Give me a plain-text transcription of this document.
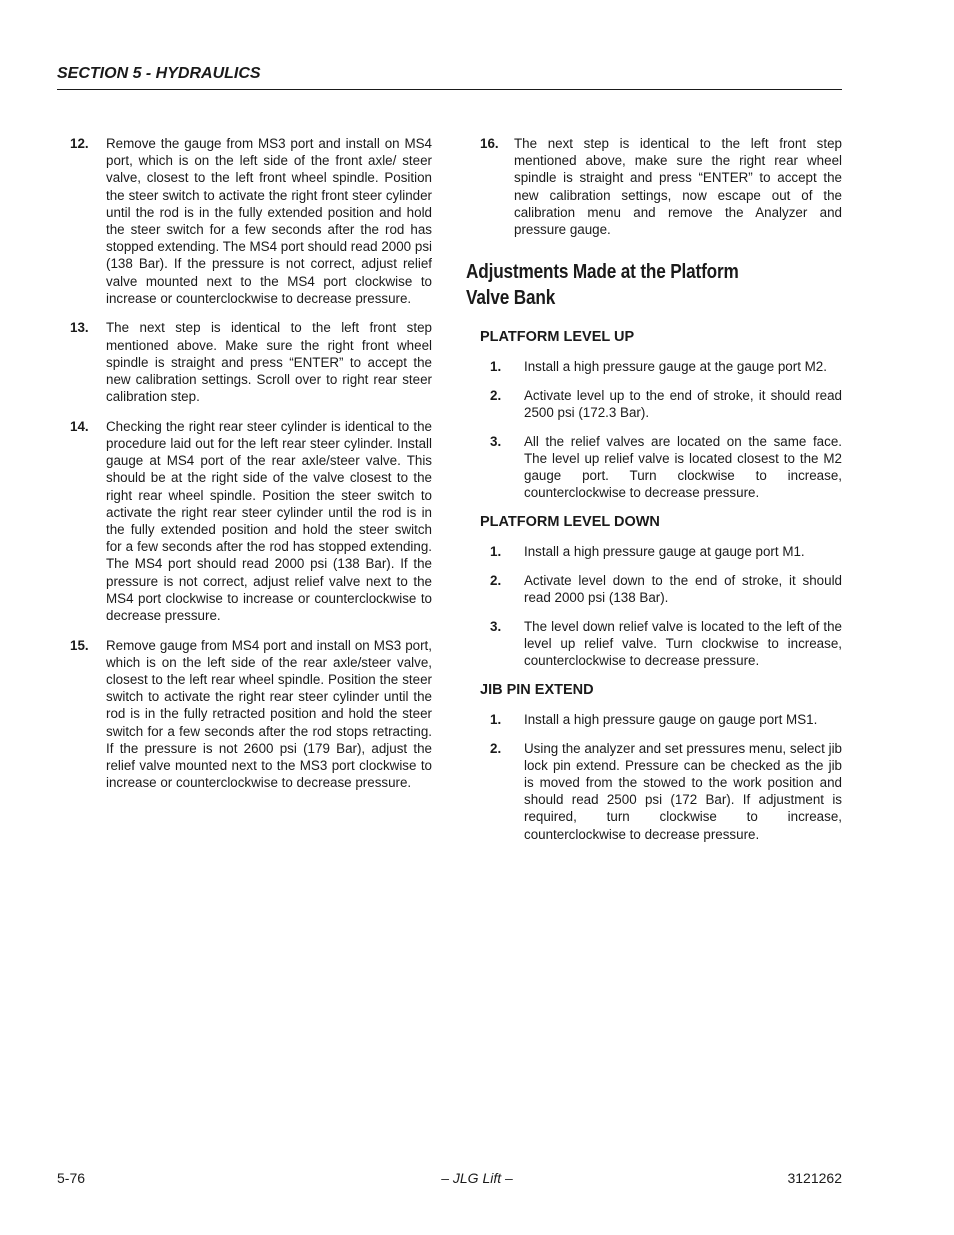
SECTION 5 - HYDRAULICS
12.	Remove the gauge from MS3 port and install on MS4 port, which is on the left side of the front axle/ steer valve, closest to the left front wheel spindle. Position the steer switch to activate the right front steer cylinder until the rod is in the fully extended position and hold the steer switch for a few seconds after the rod has stopped extending. The MS4 port should read 2000 psi (138 Bar). If the pressure is not correct, adjust relief valve mounted next to the MS4 port clockwise to increase or counterclockwise to decrease pressure.
13.	The next step is identical to the left front step mentioned above. Make sure the right front wheel spindle is straight and press “ENTER” to accept the new calibration settings. Scroll over to right rear steer calibration step.
14.	Checking the right rear steer cylinder is identical to the procedure laid out for the left rear steer cylinder. Install gauge at MS4 port of the rear axle/steer valve. This should be at the right side of the valve closest to the right rear wheel spindle. Position the steer switch to activate the right rear steer cylinder until the rod is in the fully extended position and hold the steer switch for a few seconds after the rod has stopped extending. The MS4 port should read 2000 psi (138 Bar). If the pressure is not correct, adjust relief valve next to the MS4 port clockwise to increase or counterclockwise to decrease pressure.
15.	Remove gauge from MS4 port and install on MS3 port, which is on the left side of the rear axle/steer valve, closest to the left rear wheel spindle. Position the steer switch to activate the right rear steer cylinder until the rod is in the fully retracted position and hold the steer switch for a few seconds after the rod stops retracting. If the pressure is not 2600 psi (179 Bar), adjust the relief valve mounted next to the MS3 port clockwise to increase or counterclockwise to decrease pressure.
16.	The next step is identical to the left front step mentioned above, make sure the right rear wheel spindle is straight and press “ENTER” to accept the new calibration settings, now escape out of the calibration menu and remove the Analyzer and pressure gauge.
Adjustments Made at the Platform Valve Bank
PLATFORM LEVEL UP
1.	Install a high pressure gauge at the gauge port M2.
2.	Activate level up to the end of stroke, it should read 2500 psi (172.3 Bar).
3.	All the relief valves are located on the same face. The level up relief valve is located closest to the M2 gauge port. Turn clockwise to increase, counterclockwise to decrease pressure.
PLATFORM LEVEL DOWN
1.	Install a high pressure gauge at gauge port M1.
2.	Activate level down to the end of stroke, it should read 2000 psi (138 Bar).
3.	The level down relief valve is located to the left of the level up relief valve. Turn clockwise to increase, counterclockwise to decrease pressure.
JIB PIN EXTEND
1.	Install a high pressure gauge on gauge port MS1.
2.	Using the analyzer and set pressures menu, select jib lock pin extend. Pressure can be checked as the jib is moved from the stowed to the work position and should read 2500 psi (172 Bar). If adjustment is required, turn clockwise to increase, counterclockwise to decrease pressure.
5-76	– JLG Lift –	3121262
